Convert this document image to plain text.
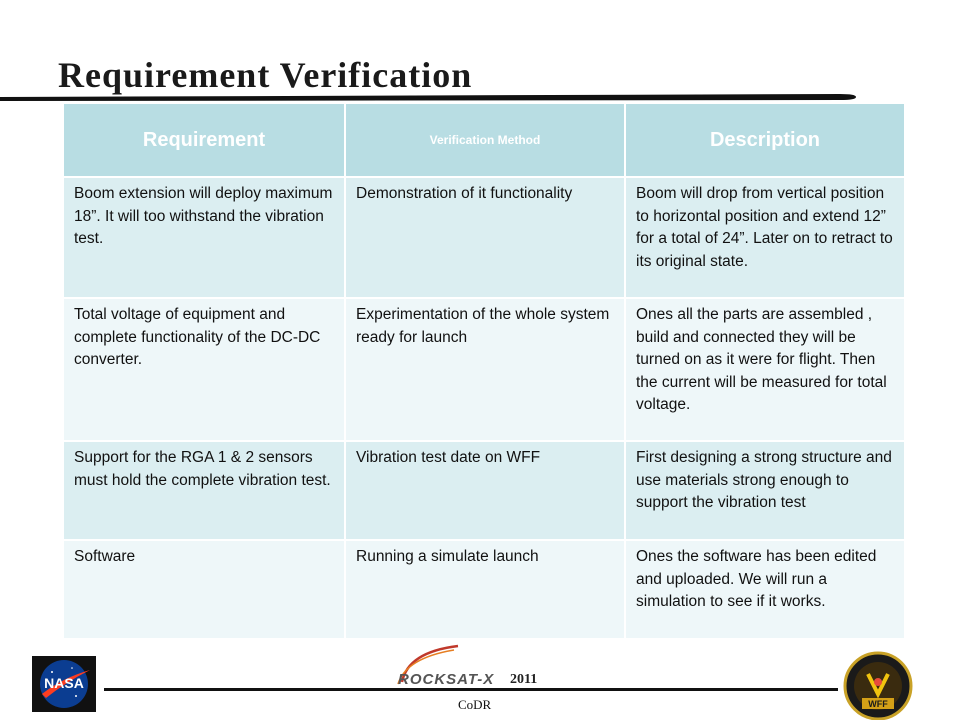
Requirement Verification
Requirement	Verification Method	Description
Boom extension will deploy maximum 18”. It will too withstand the vibration test.	Demonstration of it functionality	Boom will drop from vertical position to horizontal position and extend 12” for a total of 24”. Later on to retract to its original state.
Total voltage of equipment and complete functionality of the DC-DC converter.	Experimentation of the whole system ready for launch	Ones all the parts are assembled , build and connected they will be turned on as it were for flight. Then the current will be measured for total voltage.
Support for the RGA 1 & 2 sensors must hold the complete vibration test.	Vibration test date on WFF	First designing a strong structure and use materials strong enough to support the vibration test
Software	Running a simulate launch	Ones the software has been edited and uploaded. We will run a simulation to see if it works.
NASA	ROCKSAT-X 2011
CoDR	WFF
